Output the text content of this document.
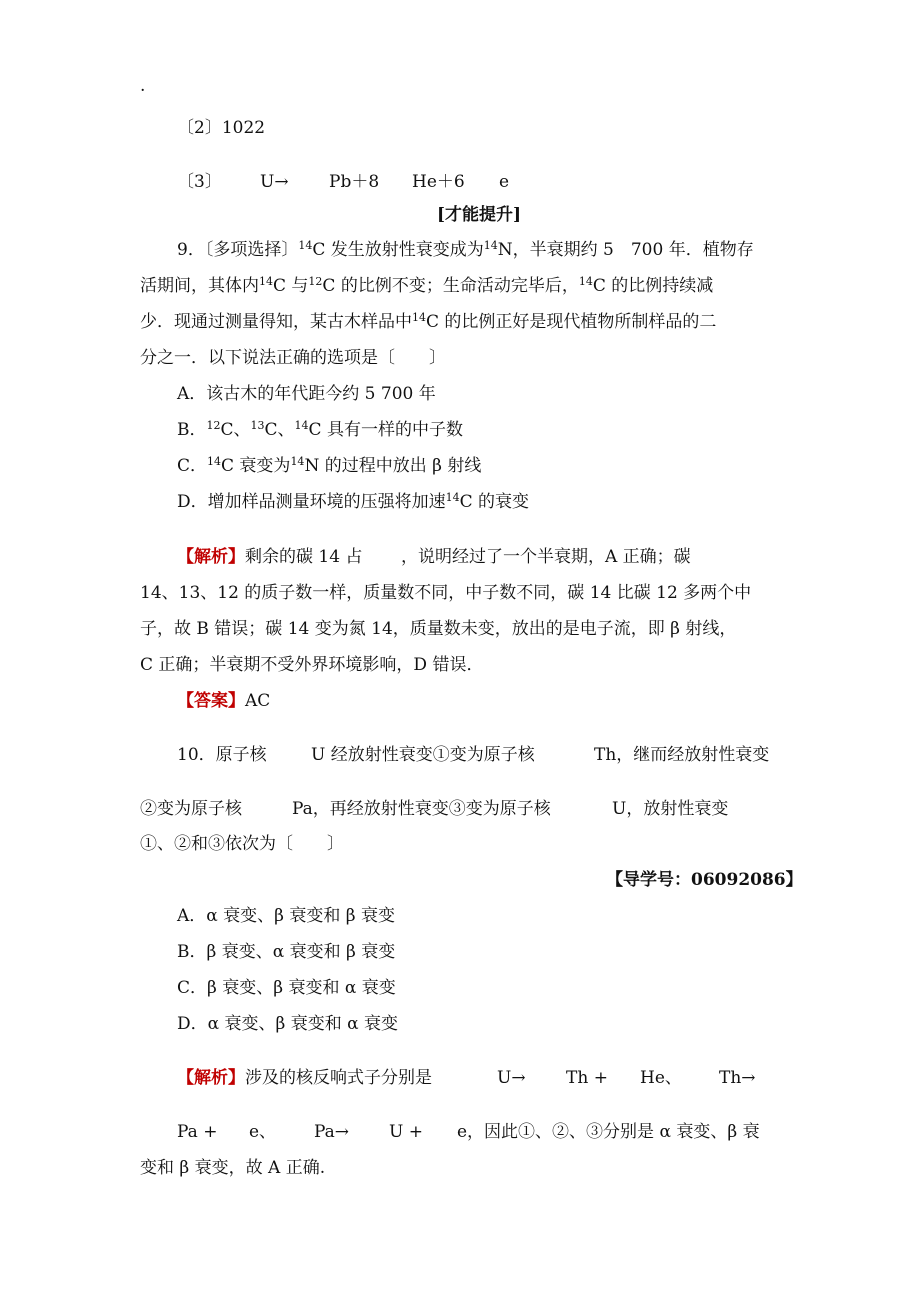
.
〔2〕1022
〔3〕 U→ Pb＋8 He＋6 e
[才能提升]
9．〔多项选择〕$^{14}$C 发生放射性衰变成为$^{14}$N，半衰期约 5　700 年．植物存
活期间，其体内$^{14}$C 与$^{12}$C 的比例不变；生命活动完毕后，$^{14}$C 的比例持续减
少．现通过测量得知，某古木样品中$^{14}$C 的比例正好是现代植物所制样品的二
分之一．以下说法正确的选项是〔　　〕
A．该古木的年代距今约 5 700 年
B．$^{12}$C、$^{13}$C、$^{14}$C 具有一样的中子数
C．$^{14}$C 衰变为$^{14}$N 的过程中放出 β 射线
D．增加样品测量环境的压强将加速$^{14}$C 的衰变
【解析】剩余的碳 14 占 ，说明经过了一个半衰期，A 正确；碳
14、13、12 的质子数一样，质量数不同，中子数不同，碳 14 比碳 12 多两个中
子，故 B 错误；碳 14 变为氮 14，质量数未变，放出的是电子流，即 β 射线，
C 正确；半衰期不受外界环境影响，D 错误．
【答案】AC
10．原子核	U 经放射性衰变①变为原子核	Th，继而经放射性衰变
②变为原子核	Pa，再经放射性衰变③变为原子核	U，放射性衰变
①、②和③依次为〔　　〕
【导学号：06092086】
A．α 衰变、β 衰变和 β 衰变
B．β 衰变、α 衰变和 β 衰变
C．β 衰变、β 衰变和 α 衰变
D．α 衰变、β 衰变和 α 衰变
【解析】涉及的核反响式子分别是	U→ Th + He、 Th→
Pa + e、 Pa→ U + e，因此①、②、③分别是 α 衰变、β 衰
变和 β 衰变，故 A 正确.
